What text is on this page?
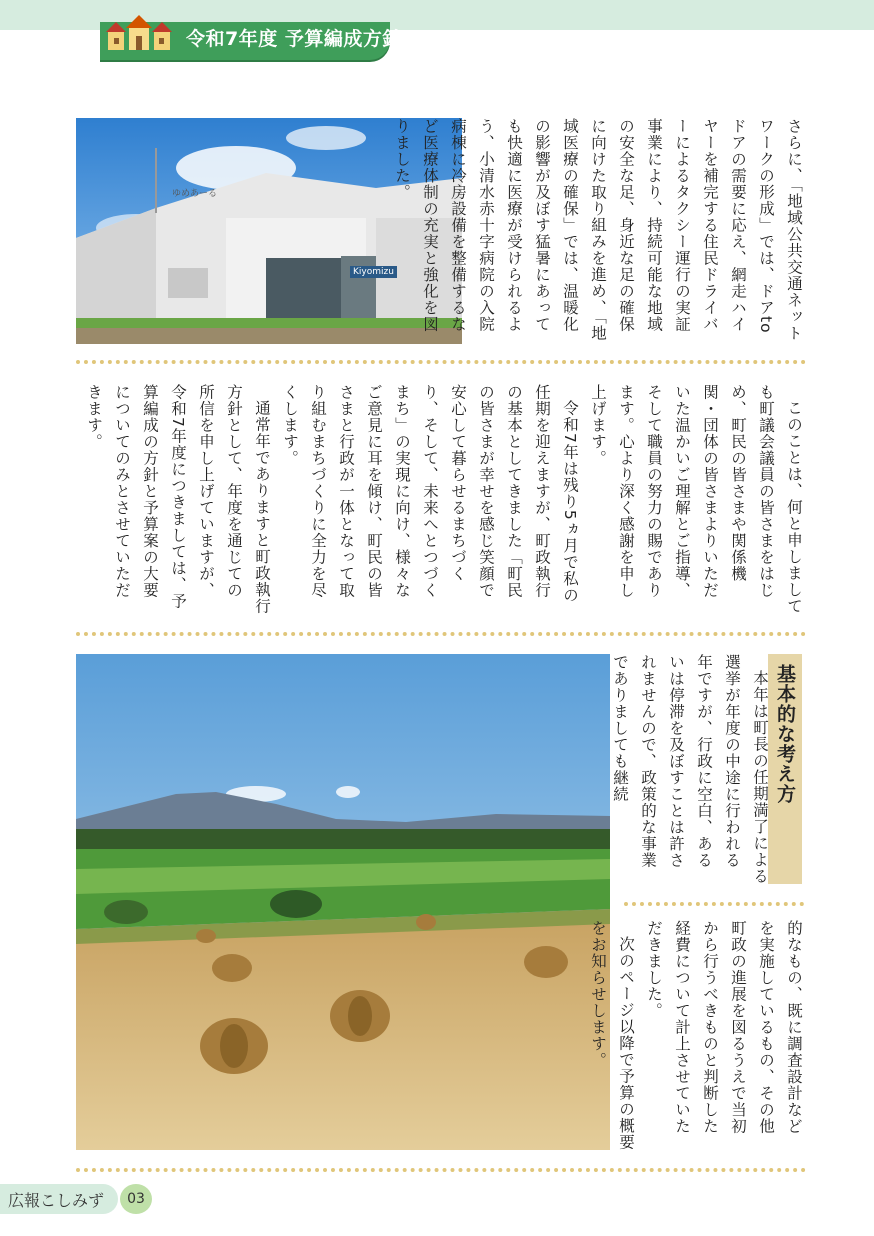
令和7年度 予算編成方針
Kiyomizu
ゆめあーる	さらに、「地域公共交通ネットワークの形成」では、ドアtoドアの需要に応え、網走ハイヤーを補完する住民ドライバーによるタクシー運行の実証事業により、持続可能な地域の安全な足、身近な足の確保に向けた取り組みを進め、「地域医療の確保」では、温暖化の影響が及ぼす猛暑にあっても快適に医療が受けられるよう、小清水赤十字病院の入院病棟に冷房設備を整備するなど医療体制の充実と強化を図りました。

このことは、何と申しましても町議会議員の皆さまをはじめ、町民の皆さまや関係機関・団体の皆さまよりいただいた温かいご理解とご指導、そして職員の努力の賜であります。心より深く感謝を申し上げます。

令和7年は残り5ヵ月で私の任期を迎えますが、町政執行の基本としてきました「町民の皆さまが幸せを感じ笑顔で安心して暮らせるまちづくり、そして、未来へとつづくまち」の実現に向け、様々なご意見に耳を傾け、町民の皆さまと行政が一体となって取り組むまちづくりに全力を尽くします。

通常年でありますと町政執行方針として、年度を通じての所信を申し上げていますが、令和7年度につきましては、予算編成の方針と予算案の大要についてのみとさせていただきます。

基本的な考え方

本年は町長の任期満了による選挙が年度の中途に行われる年ですが、行政に空白、あるいは停滞を及ぼすことは許されませんので、政策的な事業でありましても継続

的なもの、既に調査設計などを実施しているもの、その他町政の進展を図るうえで当初から行うべきものと判断した経費について計上させていただきました。

次のページ以降で予算の概要をお知らせします。

広報こしみず	03
